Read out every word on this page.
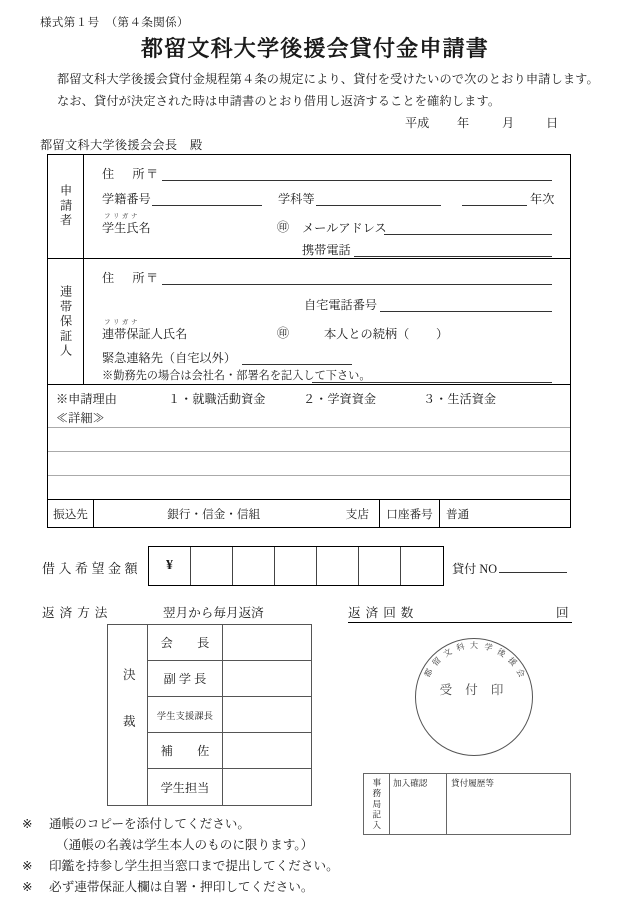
様式第１号　（第４条関係）
都留文科大学後援会貸付金申請書
都留文科大学後援会貸付金規程第４条の規定により、貸付を受けたいので次のとおり申請します。
なお、貸付が決定された時は申請書のとおり借用し返済することを確約します。
平成 年	月	日
都留文科大学後援会会長　殿
申請者
住　所
〒
学籍番号	学科等	年次
フリガナ
学生氏名	㊞ メールアドレス
携帯電話
連帯保証人
住　所
〒
自宅電話番号
フリガナ
連帯保証人氏名	㊞	本人との続柄（ ）
緊急連絡先（自宅以外）
※勤務先の場合は会社名・部署名を記入して下さい。
※申請理由	１・就職活動資金	２・学資資金	３・生活資金
≪詳細≫
振込先	銀行・信金・信組	支店	口座番号	普通
借入希望金額	¥	貸付 NO
返済方法	翌月から毎月返済	返済回数	回
決裁
会　　長
副 学 長
学生支援課長
補　　佐
学生担当
受 付 印
都
留
文 科 大 学 後
援
会
事務局記入	加入確認	貸付履歴等
※ 通帳のコピーを添付してください。
（通帳の名義は学生本人のものに限ります。）
※ 印鑑を持参し学生担当窓口まで提出してください。
※ 必ず連帯保証人欄は自署・押印してください。
